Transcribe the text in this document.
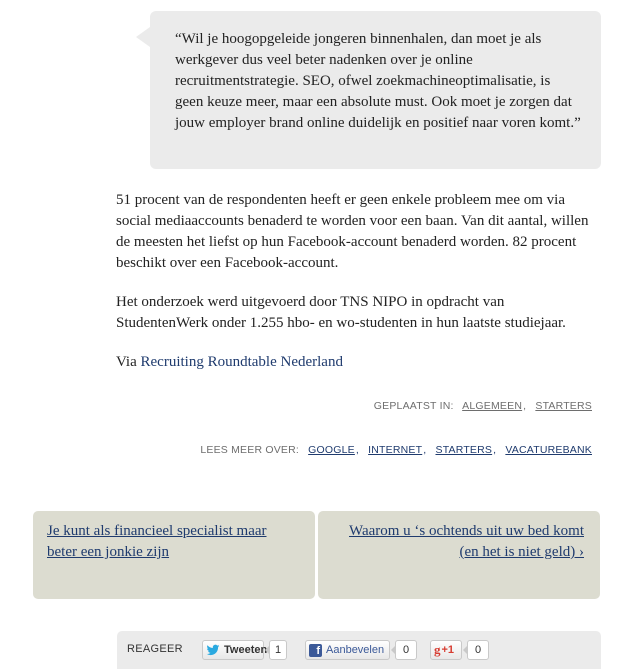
“Wil je hoogopgeleide jongeren binnenhalen, dan moet je als werkgever dus veel beter nadenken over je online recruitmentstrategie. SEO, ofwel zoekmachineoptimalisatie, is geen keuze meer, maar een absolute must. Ook moet je zorgen dat jouw employer brand online duidelijk en positief naar voren komt.”

51 procent van de respondenten heeft er geen enkele probleem mee om via social mediaaccounts benaderd te worden voor een baan. Van dit aantal, willen de meesten het liefst op hun Facebook-account benaderd worden. 82 procent beschikt over een Facebook-account.

Het onderzoek werd uitgevoerd door TNS NIPO in opdracht van StudentenWerk onder 1.255 hbo- en wo-studenten in hun laatste studiejaar.

Via Recruiting Roundtable Nederland

GEPLAATST IN: ALGEMEEN, STARTERS
LEES MEER OVER: GOOGLE, INTERNET, STARTERS, VACATUREBANK
Je kunt als financieel specialist maar beter een jonkie zijn
Waarom u ‘s ochtends uit uw bed komt (en het is niet geld) ›
REAGEER	Tweeten 1	f Aanbevelen	0	g +1	0
